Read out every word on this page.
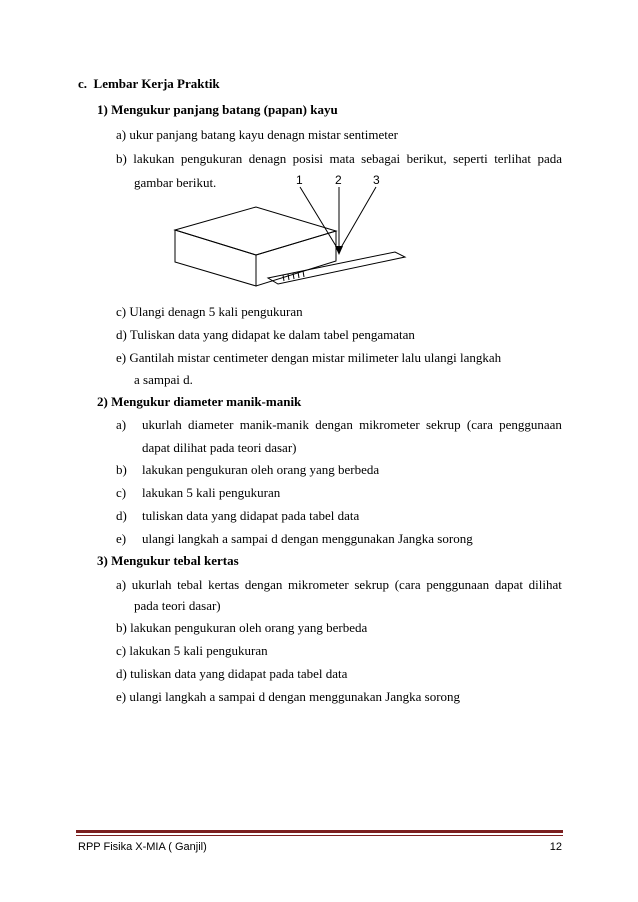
c. Lembar Kerja Praktik
1) Mengukur panjang batang (papan) kayu
a) ukur panjang batang kayu denagn mistar sentimeter
b) lakukan pengukuran denagn posisi mata sebagai berikut, seperti terlihat pada
gambar berikut.	1	2	3
c) Ulangi denagn 5 kali pengukuran
d) Tuliskan data yang didapat ke dalam tabel pengamatan
e) Gantilah mistar centimeter dengan mistar milimeter lalu ulangi langkah
a sampai d.
2) Mengukur diameter manik-manik
a) ukurlah diameter manik-manik dengan mikrometer sekrup (cara penggunaan
dapat dilihat pada teori dasar)
b) lakukan pengukuran oleh orang yang berbeda
c) lakukan 5 kali pengukuran
d) tuliskan data yang didapat pada tabel data
e) ulangi langkah a sampai d dengan menggunakan Jangka sorong
3) Mengukur tebal kertas
a) ukurlah tebal kertas dengan mikrometer sekrup (cara penggunaan dapat dilihat
pada teori dasar)
b) lakukan pengukuran oleh orang yang berbeda
c) lakukan 5 kali pengukuran
d) tuliskan data yang didapat pada tabel data
e) ulangi langkah a sampai d dengan menggunakan Jangka sorong
RPP Fisika X-MIA ( Ganjil)	12
